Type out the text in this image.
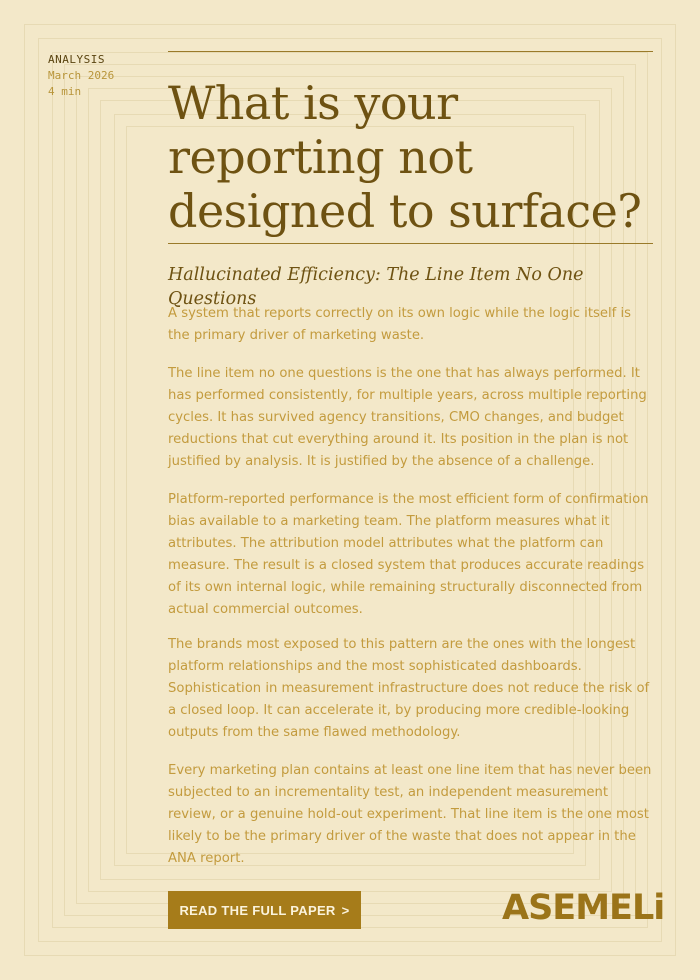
ANALYSIS
March 2026
4 min	What is your reporting not designed to surface?
Hallucinated Efficiency: The Line Item No One Questions

A system that reports correctly on its own logic while the logic itself is the primary driver of marketing waste.

The line item no one questions is the one that has always performed. It has performed consistently, for multiple years, across multiple reporting cycles. It has survived agency transitions, CMO changes, and budget reductions that cut everything around it. Its position in the plan is not justified by analysis. It is justified by the absence of a challenge.

Platform-reported performance is the most efficient form of confirmation bias available to a marketing team. The platform measures what it attributes. The attribution model attributes what the platform can measure. The result is a closed system that produces accurate readings of its own internal logic, while remaining structurally disconnected from actual commercial outcomes.

The brands most exposed to this pattern are the ones with the longest platform relationships and the most sophisticated dashboards. Sophistication in measurement infrastructure does not reduce the risk of a closed loop. It can accelerate it, by producing more credible-looking outputs from the same flawed methodology.

Every marketing plan contains at least one line item that has never been subjected to an incrementality test, an independent measurement review, or a genuine hold-out experiment. That line item is the one most likely to be the primary driver of the waste that does not appear in the ANA report.

READ THE FULL PAPER >	ASEMELi
